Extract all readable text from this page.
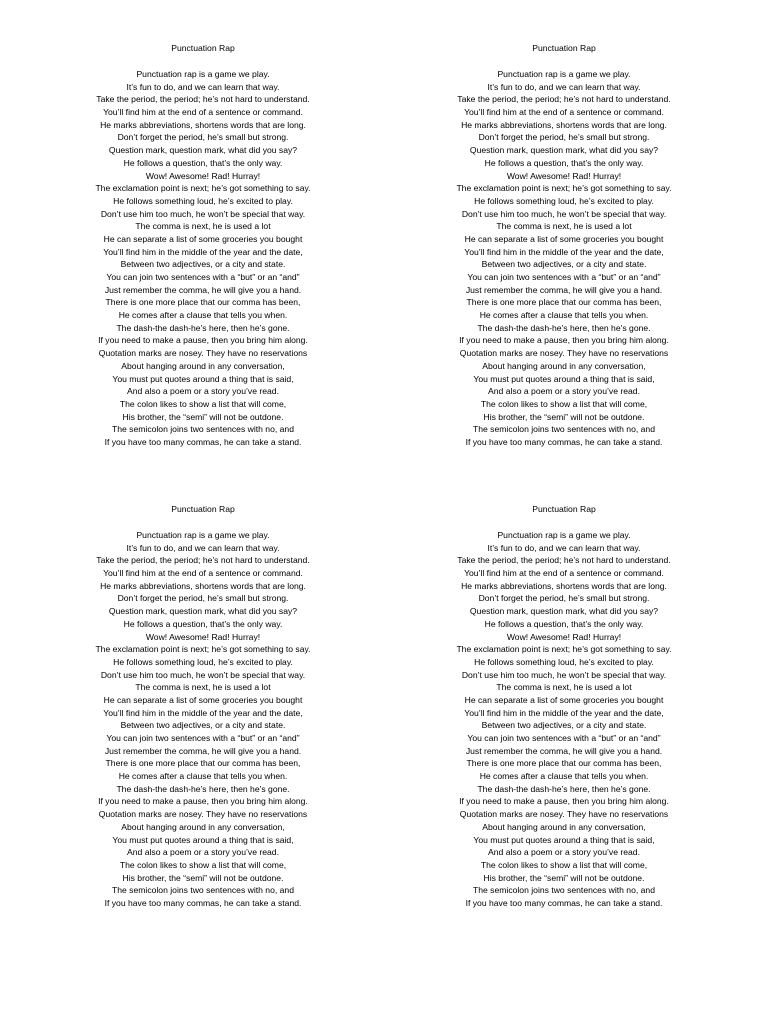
Punctuation Rap
Punctuation rap is a game we play.
It’s fun to do, and we can learn that way.
Take the period, the period; he’s not hard to understand.
You’ll find him at the end of a sentence or command.
He marks abbreviations, shortens words that are long.
Don’t forget the period, he’s small but strong.
Question mark, question mark, what did you say?
He follows a question, that’s the only way.
Wow! Awesome! Rad! Hurray!
The exclamation point is next; he’s got something to say.
He follows something loud, he’s excited to play.
Don’t use him too much, he won’t be special that way.
The comma is next, he is used a lot
He can separate a list of some groceries you bought
You’ll find him in the middle of the year and the date,
Between two adjectives, or a city and state.
You can join two sentences with a “but” or an “and”
Just remember the comma, he will give you a hand.
There is one more place that our comma has been,
He comes after a clause that tells you when.
The dash-the dash-he’s here, then he’s gone.
If you need to make a pause, then you bring him along.
Quotation marks are nosey. They have no reservations
About hanging around in any conversation,
You must put quotes around a thing that is said,
And also a poem or a story you’ve read.
The colon likes to show a list that will come,
His brother, the “semi” will not be outdone.
The semicolon joins two sentences with no, and
If you have too many commas, he can take a stand.
Punctuation Rap
Punctuation rap is a game we play.
It’s fun to do, and we can learn that way.
Take the period, the period; he’s not hard to understand.
You’ll find him at the end of a sentence or command.
He marks abbreviations, shortens words that are long.
Don’t forget the period, he’s small but strong.
Question mark, question mark, what did you say?
He follows a question, that’s the only way.
Wow! Awesome! Rad! Hurray!
The exclamation point is next; he’s got something to say.
He follows something loud, he’s excited to play.
Don’t use him too much, he won’t be special that way.
The comma is next, he is used a lot
He can separate a list of some groceries you bought
You’ll find him in the middle of the year and the date,
Between two adjectives, or a city and state.
You can join two sentences with a “but” or an “and”
Just remember the comma, he will give you a hand.
There is one more place that our comma has been,
He comes after a clause that tells you when.
The dash-the dash-he’s here, then he’s gone.
If you need to make a pause, then you bring him along.
Quotation marks are nosey. They have no reservations
About hanging around in any conversation,
You must put quotes around a thing that is said,
And also a poem or a story you’ve read.
The colon likes to show a list that will come,
His brother, the “semi” will not be outdone.
The semicolon joins two sentences with no, and
If you have too many commas, he can take a stand.
Punctuation Rap
Punctuation rap is a game we play.
It’s fun to do, and we can learn that way.
Take the period, the period; he’s not hard to understand.
You’ll find him at the end of a sentence or command.
He marks abbreviations, shortens words that are long.
Don’t forget the period, he’s small but strong.
Question mark, question mark, what did you say?
He follows a question, that’s the only way.
Wow! Awesome! Rad! Hurray!
The exclamation point is next; he’s got something to say.
He follows something loud, he’s excited to play.
Don’t use him too much, he won’t be special that way.
The comma is next, he is used a lot
He can separate a list of some groceries you bought
You’ll find him in the middle of the year and the date,
Between two adjectives, or a city and state.
You can join two sentences with a “but” or an “and”
Just remember the comma, he will give you a hand.
There is one more place that our comma has been,
He comes after a clause that tells you when.
The dash-the dash-he’s here, then he’s gone.
If you need to make a pause, then you bring him along.
Quotation marks are nosey. They have no reservations
About hanging around in any conversation,
You must put quotes around a thing that is said,
And also a poem or a story you’ve read.
The colon likes to show a list that will come,
His brother, the “semi” will not be outdone.
The semicolon joins two sentences with no, and
If you have too many commas, he can take a stand.
Punctuation Rap
Punctuation rap is a game we play.
It’s fun to do, and we can learn that way.
Take the period, the period; he’s not hard to understand.
You’ll find him at the end of a sentence or command.
He marks abbreviations, shortens words that are long.
Don’t forget the period, he’s small but strong.
Question mark, question mark, what did you say?
He follows a question, that’s the only way.
Wow! Awesome! Rad! Hurray!
The exclamation point is next; he’s got something to say.
He follows something loud, he’s excited to play.
Don’t use him too much, he won’t be special that way.
The comma is next, he is used a lot
He can separate a list of some groceries you bought
You’ll find him in the middle of the year and the date,
Between two adjectives, or a city and state.
You can join two sentences with a “but” or an “and”
Just remember the comma, he will give you a hand.
There is one more place that our comma has been,
He comes after a clause that tells you when.
The dash-the dash-he’s here, then he’s gone.
If you need to make a pause, then you bring him along.
Quotation marks are nosey. They have no reservations
About hanging around in any conversation,
You must put quotes around a thing that is said,
And also a poem or a story you’ve read.
The colon likes to show a list that will come,
His brother, the “semi” will not be outdone.
The semicolon joins two sentences with no, and
If you have too many commas, he can take a stand.
